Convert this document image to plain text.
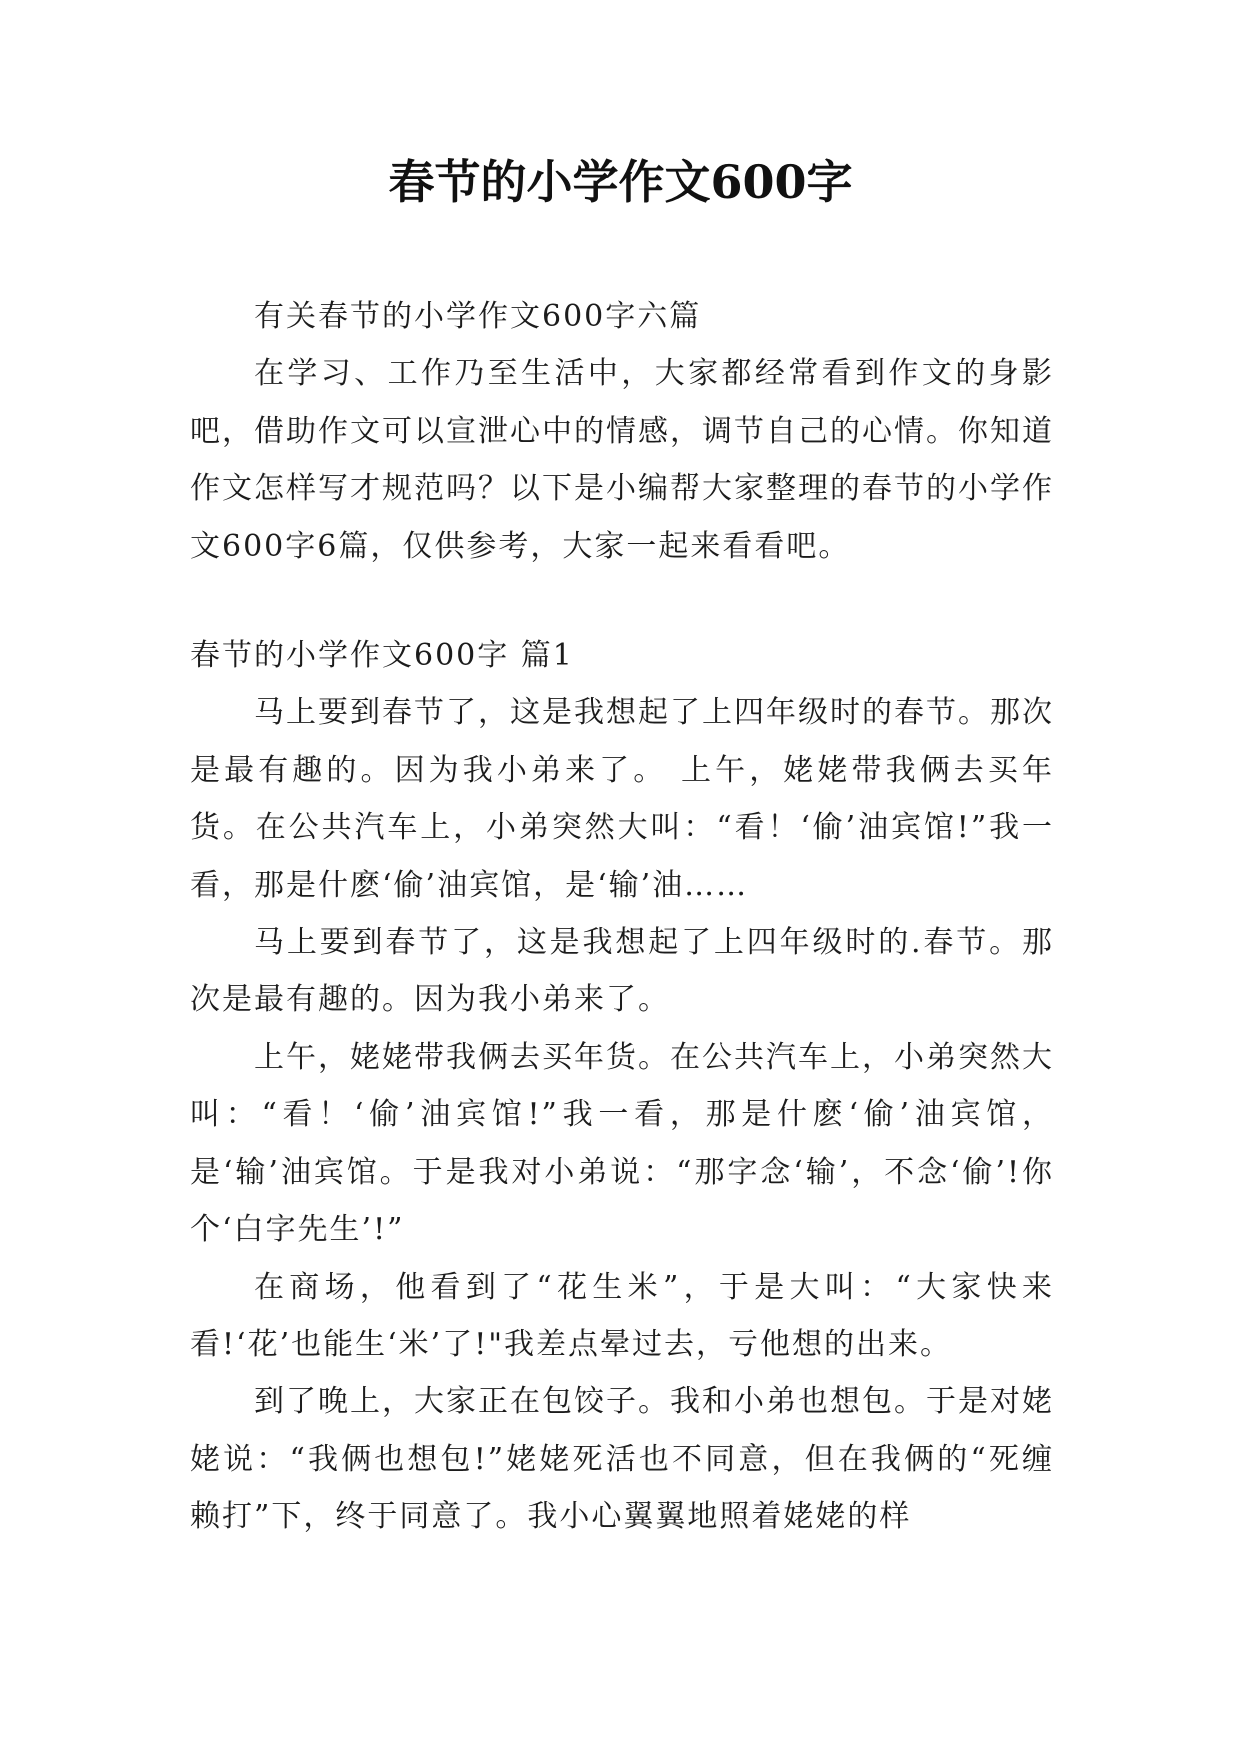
春节的小学作文600字

有关春节的小学作文600字六篇

在学习、工作乃至生活中，大家都经常看到作文的身影吧，借助作文可以宣泄心中的情感，调节自己的心情。你知道作文怎样写才规范吗？以下是小编帮大家整理的春节的小学作文600字6篇，仅供参考，大家一起来看看吧。

春节的小学作文600字 篇1

马上要到春节了，这是我想起了上四年级时的春节。那次是最有趣的。因为我小弟来了。 上午，姥姥带我俩去买年货。在公共汽车上，小弟突然大叫：“看！‘偷’油宾馆!”我一看，那是什麽‘偷’油宾馆，是‘输’油……

马上要到春节了，这是我想起了上四年级时的.春节。那次是最有趣的。因为我小弟来了。

上午，姥姥带我俩去买年货。在公共汽车上，小弟突然大叫：“看！‘偷’油宾馆!”我一看，那是什麽‘偷’油宾馆，是‘输’油宾馆。于是我对小弟说：“那字念‘输’，不念‘偷’!你个‘白字先生’!”

在商场，他看到了“花生米”，于是大叫：“大家快来看!‘花’也能生‘米’了!"我差点晕过去，亏他想的出来。

到了晚上，大家正在包饺子。我和小弟也想包。于是对姥姥说：“我俩也想包!”姥姥死活也不同意，但在我俩的“死缠赖打”下，终于同意了。我小心翼翼地照着姥姥的样
